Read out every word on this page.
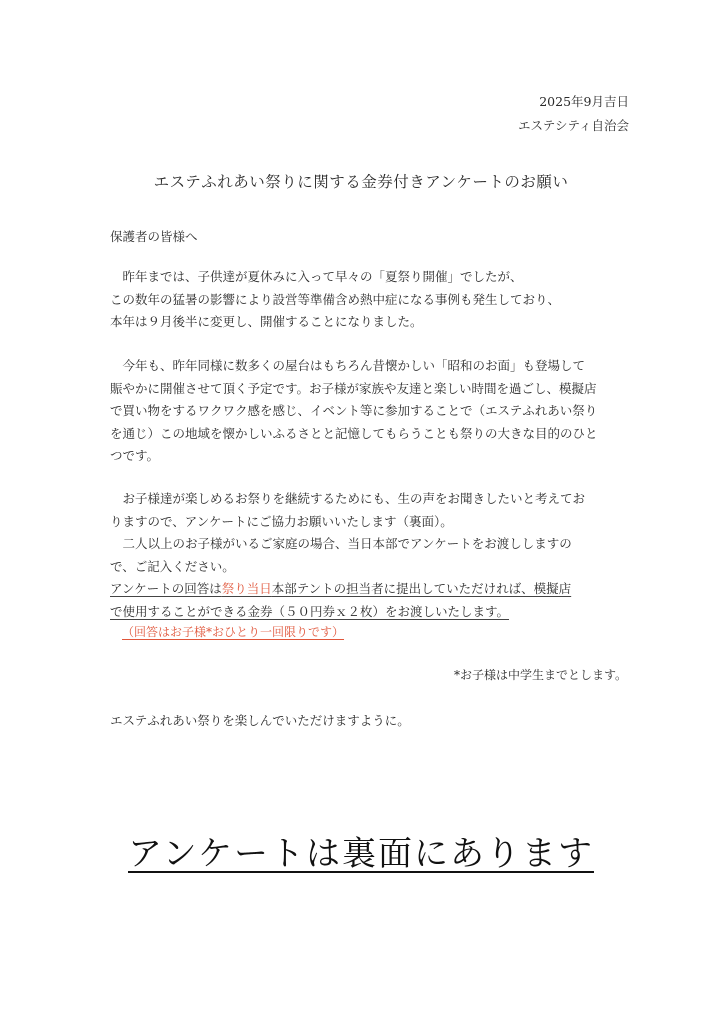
2025年9月吉日
エステシティ自治会
エステふれあい祭りに関する金券付きアンケートのお願い
保護者の皆様へ
　昨年までは、子供達が夏休みに入って早々の「夏祭り開催」でしたが、
この数年の猛暑の影響により設営等準備含め熱中症になる事例も発生しており、
本年は９月後半に変更し、開催することになりました。
　今年も、昨年同様に数多くの屋台はもちろん昔懐かしい「昭和のお面」も登場して
賑やかに開催させて頂く予定です。お子様が家族や友達と楽しい時間を過ごし、模擬店
で買い物をするワクワク感を感じ、イベント等に参加することで（エステふれあい祭り
を通じ）この地域を懐かしいふるさとと記憶してもらうことも祭りの大きな目的のひと
つです。
　お子様達が楽しめるお祭りを継続するためにも、生の声をお聞きしたいと考えてお
りますので、アンケートにご協力お願いいたします（裏面）。
　二人以上のお子様がいるご家庭の場合、当日本部でアンケートをお渡ししますの
で、ご記入ください。
アンケートの回答は祭り当日本部テントの担当者に提出していただければ、模擬店
で使用することができる金券（５０円券ｘ２枚）をお渡しいたします。
（回答はお子様*おひとり一回限りです）
*お子様は中学生までとします。
エステふれあい祭りを楽しんでいただけますように。
アンケートは裏面にあります
